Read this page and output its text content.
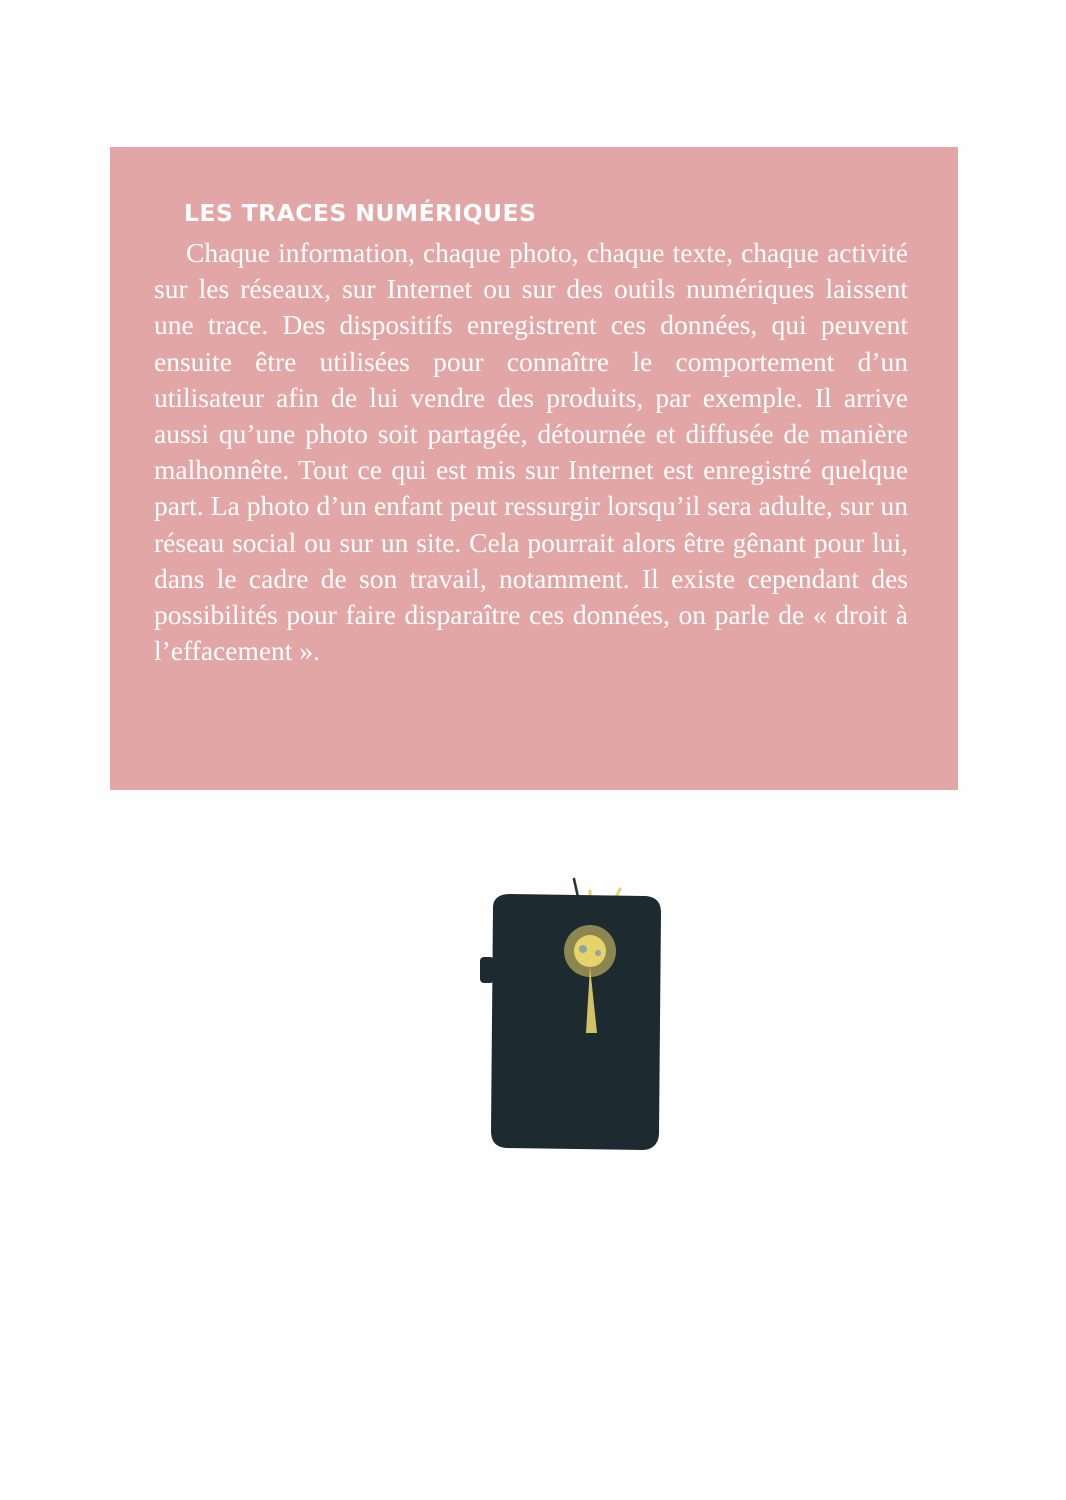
LES TRACES NUMÉRIQUES

Chaque information, chaque photo, chaque texte, chaque activité sur les réseaux, sur Internet ou sur des outils numériques laissent une trace. Des dispositifs enregistrent ces données, qui peuvent ensuite être utilisées pour connaître le comportement d’un utilisateur afin de lui vendre des produits, par exemple. Il arrive aussi qu’une photo soit partagée, détournée et diffusée de manière malhonnête. Tout ce qui est mis sur Internet est enregistré quelque part. La photo d’un enfant peut ressurgir lorsqu’il sera adulte, sur un réseau social ou sur un site. Cela pourrait alors être gênant pour lui, dans le cadre de son travail, notamment. Il existe cependant des possibilités pour faire disparaître ces données, on parle de « droit à l’effacement ».
